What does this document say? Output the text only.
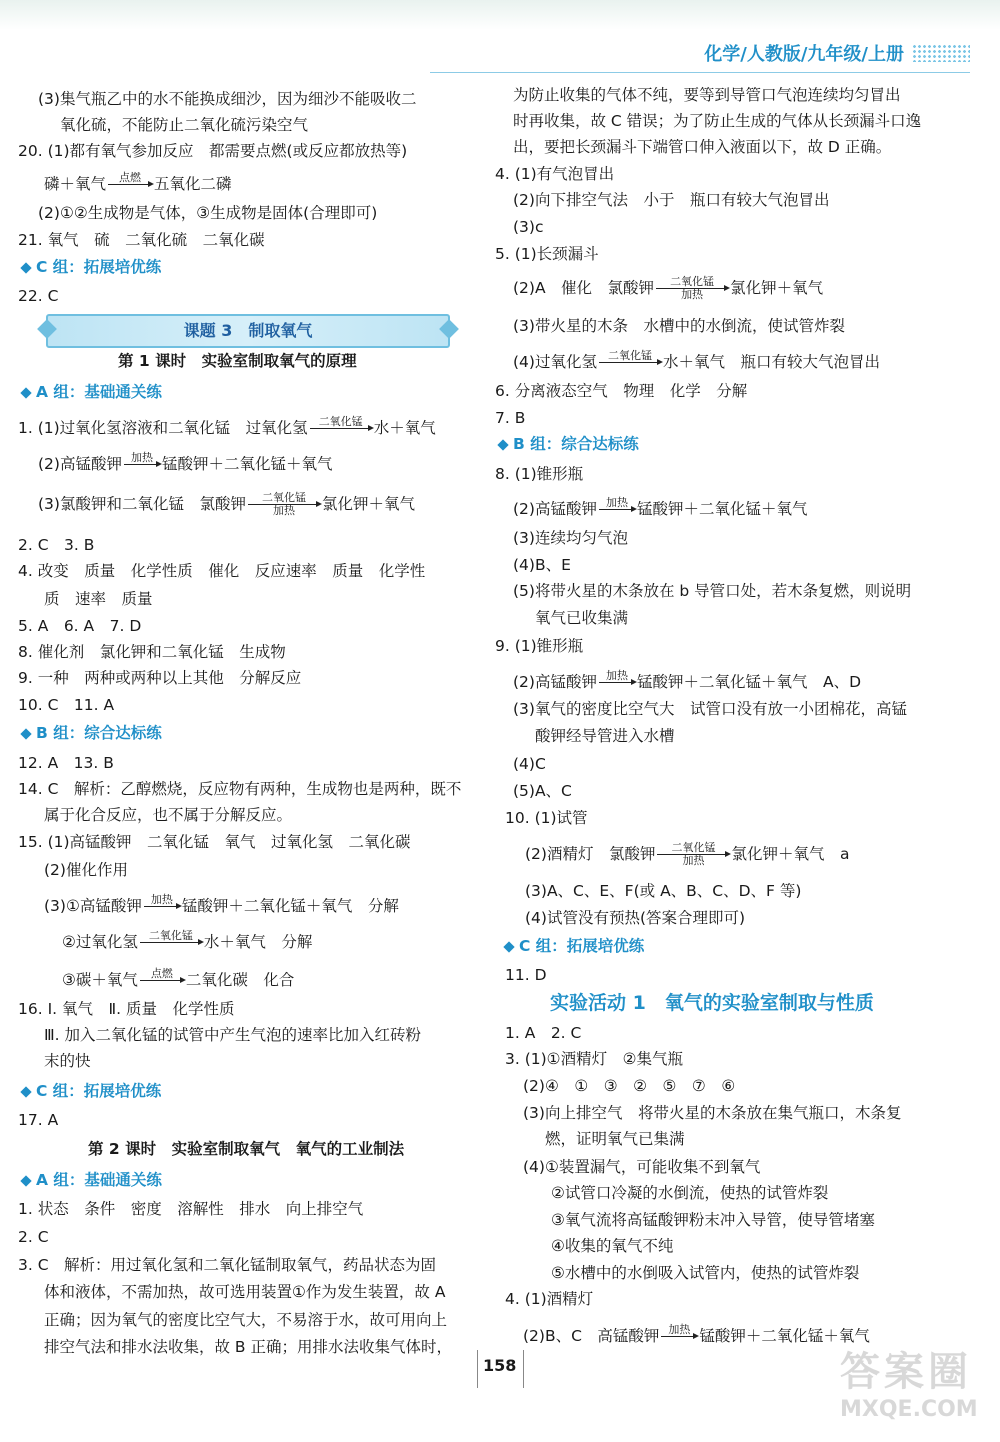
化学/人教版/九年级/上册
(3)集气瓶乙中的水不能换成细沙，因为细沙不能吸收二
氧化硫，不能防止二氧化硫污染空气
20. (1)都有氧气参加反应　都需要点燃(或反应都放热等)
磷＋氧气	点燃 五氧化二磷
(2)①②生成物是气体，③生成物是固体(合理即可)
21. 氧气　硫　二氧化硫　二氧化碳
C 组：拓展培优练
22. C
课题 3　制取氧气
第 1 课时　实验室制取氧气的原理
A 组：基础通关练
1. (1)过氧化氢溶液和二氧化锰　过氧化氢	二氧化锰 水＋氧气
(2)高锰酸钾 加热 锰酸钾＋二氧化锰＋氧气
(3)氯酸钾和二氧化锰　氯酸钾	二氧化锰
加热	氯化钾＋氧气
2. C　3. B
4. 改变　质量　化学性质　催化　反应速率　质量　化学性
质　速率　质量
5. A　6. A　7. D
8. 催化剂　氯化钾和二氧化锰　生成物
9. 一种　两种或两种以上其他　分解反应
10. C　11. A
B 组：综合达标练
12. A　13. B
14. C　解析：乙醇燃烧，反应物有两种，生成物也是两种，既不
属于化合反应，也不属于分解反应。
15. (1)高锰酸钾　二氧化锰　氧气　过氧化氢　二氧化碳
(2)催化作用
(3)①高锰酸钾 加热 锰酸钾＋二氧化锰＋氧气　分解
②过氧化氢	二氧化锰 水＋氧气　分解
③碳＋氧气	点燃 二氧化碳　化合
16. Ⅰ. 氧气　Ⅱ. 质量　化学性质
Ⅲ. 加入二氧化锰的试管中产生气泡的速率比加入红砖粉
末的快
C 组：拓展培优练
17. A
第 2 课时　实验室制取氧气　氧气的工业制法
A 组：基础通关练
1. 状态　条件　密度　溶解性　排水　向上排空气
2. C
3. C　解析：用过氧化氢和二氧化锰制取氧气，药品状态为固
体和液体，不需加热，故可选用装置①作为发生装置，故 A
正确；因为氧气的密度比空气大，不易溶于水，故可用向上
排空气法和排水法收集，故 B 正确；用排水法收集气体时，
为防止收集的气体不纯，要等到导管口气泡连续均匀冒出
时再收集，故 C 错误；为了防止生成的气体从长颈漏斗口逸
出，要把长颈漏斗下端管口伸入液面以下，故 D 正确。
4. (1)有气泡冒出
(2)向下排空气法　小于　瓶口有较大气泡冒出
(3)c
5. (1)长颈漏斗
(2)A　催化　氯酸钾	二氧化锰
加热	氯化钾＋氧气
(3)带火星的木条　水槽中的水倒流，使试管炸裂
(4)过氧化氢	二氧化锰 水＋氧气　瓶口有较大气泡冒出
6. 分离液态空气　物理　化学　分解
7. B
B 组：综合达标练
8. (1)锥形瓶
(2)高锰酸钾 加热 锰酸钾＋二氧化锰＋氧气
(3)连续均匀气泡
(4)B、E
(5)将带火星的木条放在 b 导管口处，若木条复燃，则说明
氧气已收集满
9. (1)锥形瓶
(2)高锰酸钾 加热 锰酸钾＋二氧化锰＋氧气　A、D
(3)氧气的密度比空气大　试管口没有放一小团棉花，高锰
酸钾经导管进入水槽
(4)C
(5)A、C
10. (1)试管
(2)酒精灯　氯酸钾	二氧化锰
加热	氯化钾＋氧气　a
(3)A、C、E、F(或 A、B、C、D、F 等)
(4)试管没有预热(答案合理即可)
C 组：拓展培优练
11. D
实验活动 1　氧气的实验室制取与性质
1. A　2. C
3. (1)①酒精灯　②集气瓶
(2)④　①　③　②　⑤　⑦　⑥
(3)向上排空气　将带火星的木条放在集气瓶口，木条复
燃，证明氧气已集满
(4)①装置漏气，可能收集不到氧气
②试管口冷凝的水倒流，使热的试管炸裂
③氧气流将高锰酸钾粉末冲入导管，使导管堵塞
④收集的氧气不纯
⑤水槽中的水倒吸入试管内，使热的试管炸裂
4. (1)酒精灯
(2)B、C　高锰酸钾 加热 锰酸钾＋二氧化锰＋氧气
158	答案圈
MXQE.COM
